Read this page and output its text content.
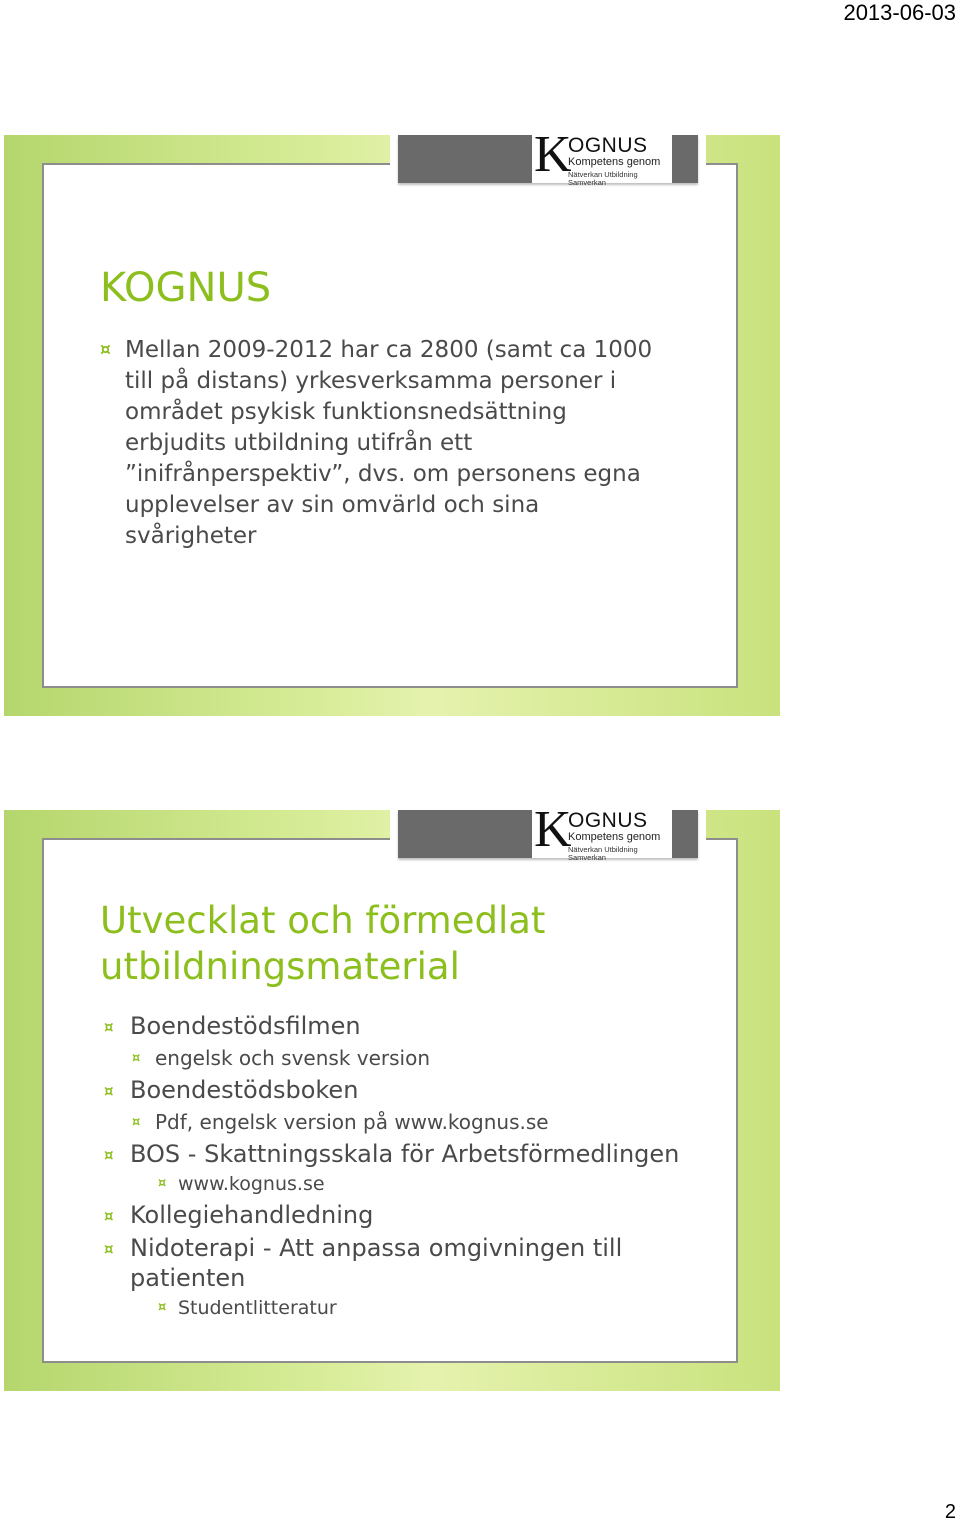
2013-06-03
K
OGNUS
Kompetens genom
Nätverkan Utbildning Samverkan
KOGNUS
¤ Mellan 2009-2012 har ca 2800 (samt ca 1000 till på distans) yrkesverksamma personer i området psykisk funktionsnedsättning erbjudits utbildning utifrån ett ”inifrånperspektiv”, dvs. om personens egna upplevelser av sin omvärld och sina svårigheter
K
OGNUS
Kompetens genom
Nätverkan Utbildning Samverkan
Utvecklat och förmedlat utbildningsmaterial
¤ Boendestödsfilmen
¤ engelsk och svensk version
¤ Boendestödsboken
¤ Pdf, engelsk version på www.kognus.se
¤ BOS - Skattningsskala för Arbetsförmedlingen
¤ www.kognus.se
¤ Kollegiehandledning
¤ Nidoterapi - Att anpassa omgivningen till patienten
¤ Studentlitteratur
2
